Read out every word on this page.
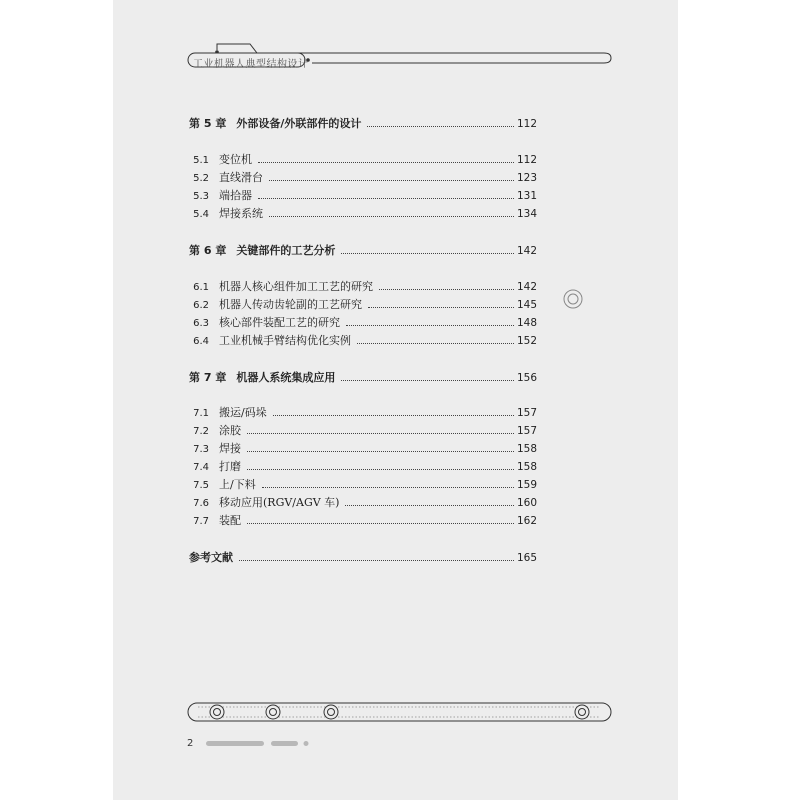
工业机器人典型结构设计
第 5 章 外部设备/外联部件的设计	112
5.1 变位机	112
5.2 直线滑台	123
5.3 端拾器	131
5.4 焊接系统	134
第 6 章 关键部件的工艺分析	142
6.1 机器人核心组件加工工艺的研究	142
6.2 机器人传动齿轮副的工艺研究	145
6.3 核心部件装配工艺的研究	148
6.4 工业机械手臂结构优化实例	152
第 7 章 机器人系统集成应用	156
7.1 搬运/码垛	157
7.2 涂胶	157
7.3 焊接	158
7.4 打磨	158
7.5 上/下料	159
7.6 移动应用(RGV/AGV 车)	160
7.7 装配	162
参考文献	165
2
